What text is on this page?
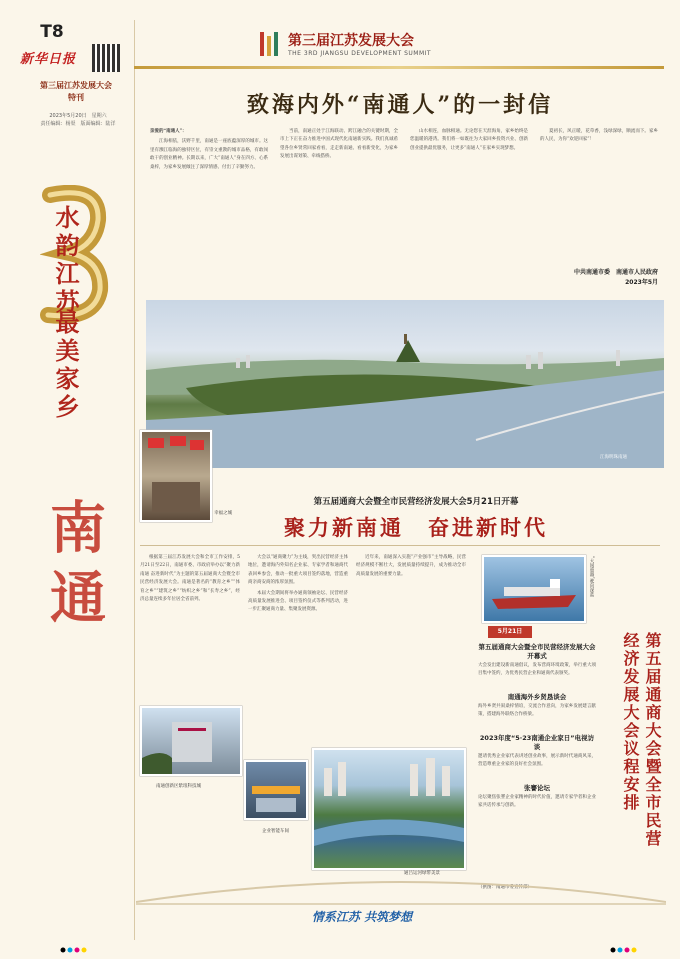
T8
新华日报
第三届江苏发展大会
特刊
2023年5月20日　星期六
责任编辑：杨渠　版面编辑：陆洋
水韵江苏
最美家乡
南通
第三届江苏发展大会
THE 3RD JIANGSU DEVELOPMENT SUMMIT
致海内外“南通人”的一封信

亲爱的“南通人”：

江海相依，沃野千里，南通是一座底蕴深厚的城市。这里有濒江临海的独特区位，有崇文重教的城市品格，有敢闯敢干的创业精神。长期以来，广大“南通人”身在四方、心系桑梓，为家乡发展倾注了深厚情感、付出了辛勤努力。

当前，南通正处于江海联动、跨江融合的关键时期，全市上下正在奋力推进中国式现代化南通新实践。我们真诚希望各位乡贤常回家看看，走走新南通、看看新变化，为家乡发展出谋划策、牵线搭桥。

山水相连，血脉相通。无论您在天涯海角，家乡始终是您温暖的港湾。我们将一如既往为大家回乡投资兴业、创新创业提供最优服务，让更多“南通人”在家乡实现梦想。

夏初长，风正暖，花草香，浅绿深绿，顺流而下。家乡的人民，为你“欢迎回家”！

中共南通市委　南通市人民政府
2023年5月
江海明珠南通
幸福之城
第五届通商大会暨全市民营经济发展大会5月21日开幕
聚力新南通　奋进新时代

根据第三届江苏发展大会和全市工作安排，5月21日至22日，南通市委、市政府举办以“聚力新南通 奋进新时代”为主题的第五届通商大会暨全市民营经济发展大会。南通是著名的“教育之乡”“体育之乡”“建筑之乡”“纺织之乡”和“长寿之乡”，经济总量连续多年位居全省前列。

大会以“通商聚力”为主线，突出民营经济主体地位，邀请海内外知名企业家、专家学者和通商代表回乡参会，推动一批重大项目签约落地，营造重商亲商安商的浓厚氛围。

本届大会期间将举办通商领袖论坛、民营经济高质量发展推进会、项目签约仪式等系列活动，进一步汇聚通商力量、集聚发展资源。

近年来，南通深入实施“产业强市”主导战略，民营经济规模不断壮大，发展质量持续提升，成为推动全市高质量发展的重要力量。	“大国重器”驶向深蓝
5月21日
第五届通商大会暨全市民营经济发展大会议程安排
第五届通商大会暨全市民营经济发展大会开幕式
大会发出建设新南通倡议，发布营商环境政策，举行重大项目集中签约，为优秀民营企业和通商代表颁奖。
南通海外乡贤恳谈会
海外乡贤共叙桑梓情谊，交流合作意向，为家乡发展建言献策，搭建海外联络合作桥梁。
2023年度“5·23南通企业家日”电视访谈
邀请优秀企业家代表讲述创业故事，展示新时代通商风采，营造尊重企业家的良好社会氛围。
张謇论坛
论坛聚焦张謇企业家精神的时代价值，邀请专家学者和企业家共话传承与创新。
南通创新区紫琅科技城
企业智能车间
通吕运河绿带美景
（供图：南通市委宣传部）
情系江苏 共筑梦想
